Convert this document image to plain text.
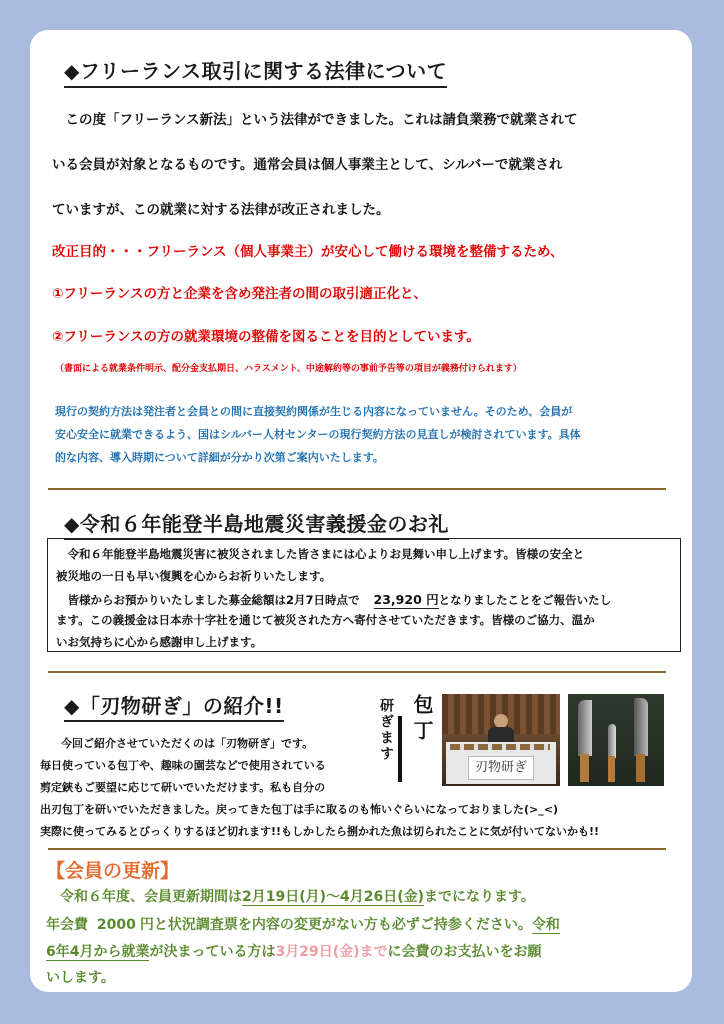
◆フリーランス取引に関する法律について
　この度「フリーランス新法」という法律ができました。これは請負業務で就業されて
いる会員が対象となるものです。通常会員は個人事業主として、シルバーで就業され
ていますが、この就業に対する法律が改正されました。
改正目的・・・フリーランス（個人事業主）が安心して働ける環境を整備するため、
①フリーランスの方と企業を含め発注者の間の取引適正化と、
②フリーランスの方の就業環境の整備を図ることを目的としています。
（書面による就業条件明示、配分金支払期日、ハラスメント、中途解約等の事前予告等の項目が義務付けられます）
現行の契約方法は発注者と会員との間に直接契約関係が生じる内容になっていません。そのため、会員が
安心安全に就業できるよう、国はシルバー人材センターの現行契約方法の見直しが検討されています。具体
的な内容、導入時期について詳細が分かり次第ご案内いたします。
◆令和６年能登半島地震災害義援金のお礼
　令和６年能登半島地震災害に被災されました皆さまには心よりお見舞い申し上げます。皆様の安全と
被災地の一日も早い復興を心からお祈りいたします。
　皆様からお預かりいたしました募金総額は2月7日時点で 23,920 円となりましたことをご報告いたし
ます。この義援金は日本赤十字社を通じて被災された方へ寄付させていただきます。皆様のご協力、温か
いお気持ちに心から感謝申し上げます。
◆「刃物研ぎ」の紹介!!	研ぎます 包丁
刃物研ぎ
　今回ご紹介させていただくのは「刃物研ぎ」です。
毎日使っている包丁や、趣味の園芸などで使用されている
剪定鋏もご要望に応じて研いでいただけます。私も自分の
出刃包丁を研いでいただきました。戻ってきた包丁は手に取るのも怖いぐらいになっておりました(>_<)
実際に使ってみるとびっくりするほど切れます!!もしかしたら捌かれた魚は切られたことに気が付いてないかも!!
【会員の更新】
　令和６年度、会員更新期間は2月19日(月)～4月26日(金)までになります。
年会費 2000 円と状況調査票を内容の変更がない方も必ずご持参ください。令和
6年4月から就業が決まっている方は3月29日(金)までに会費のお支払いをお願
いします。
